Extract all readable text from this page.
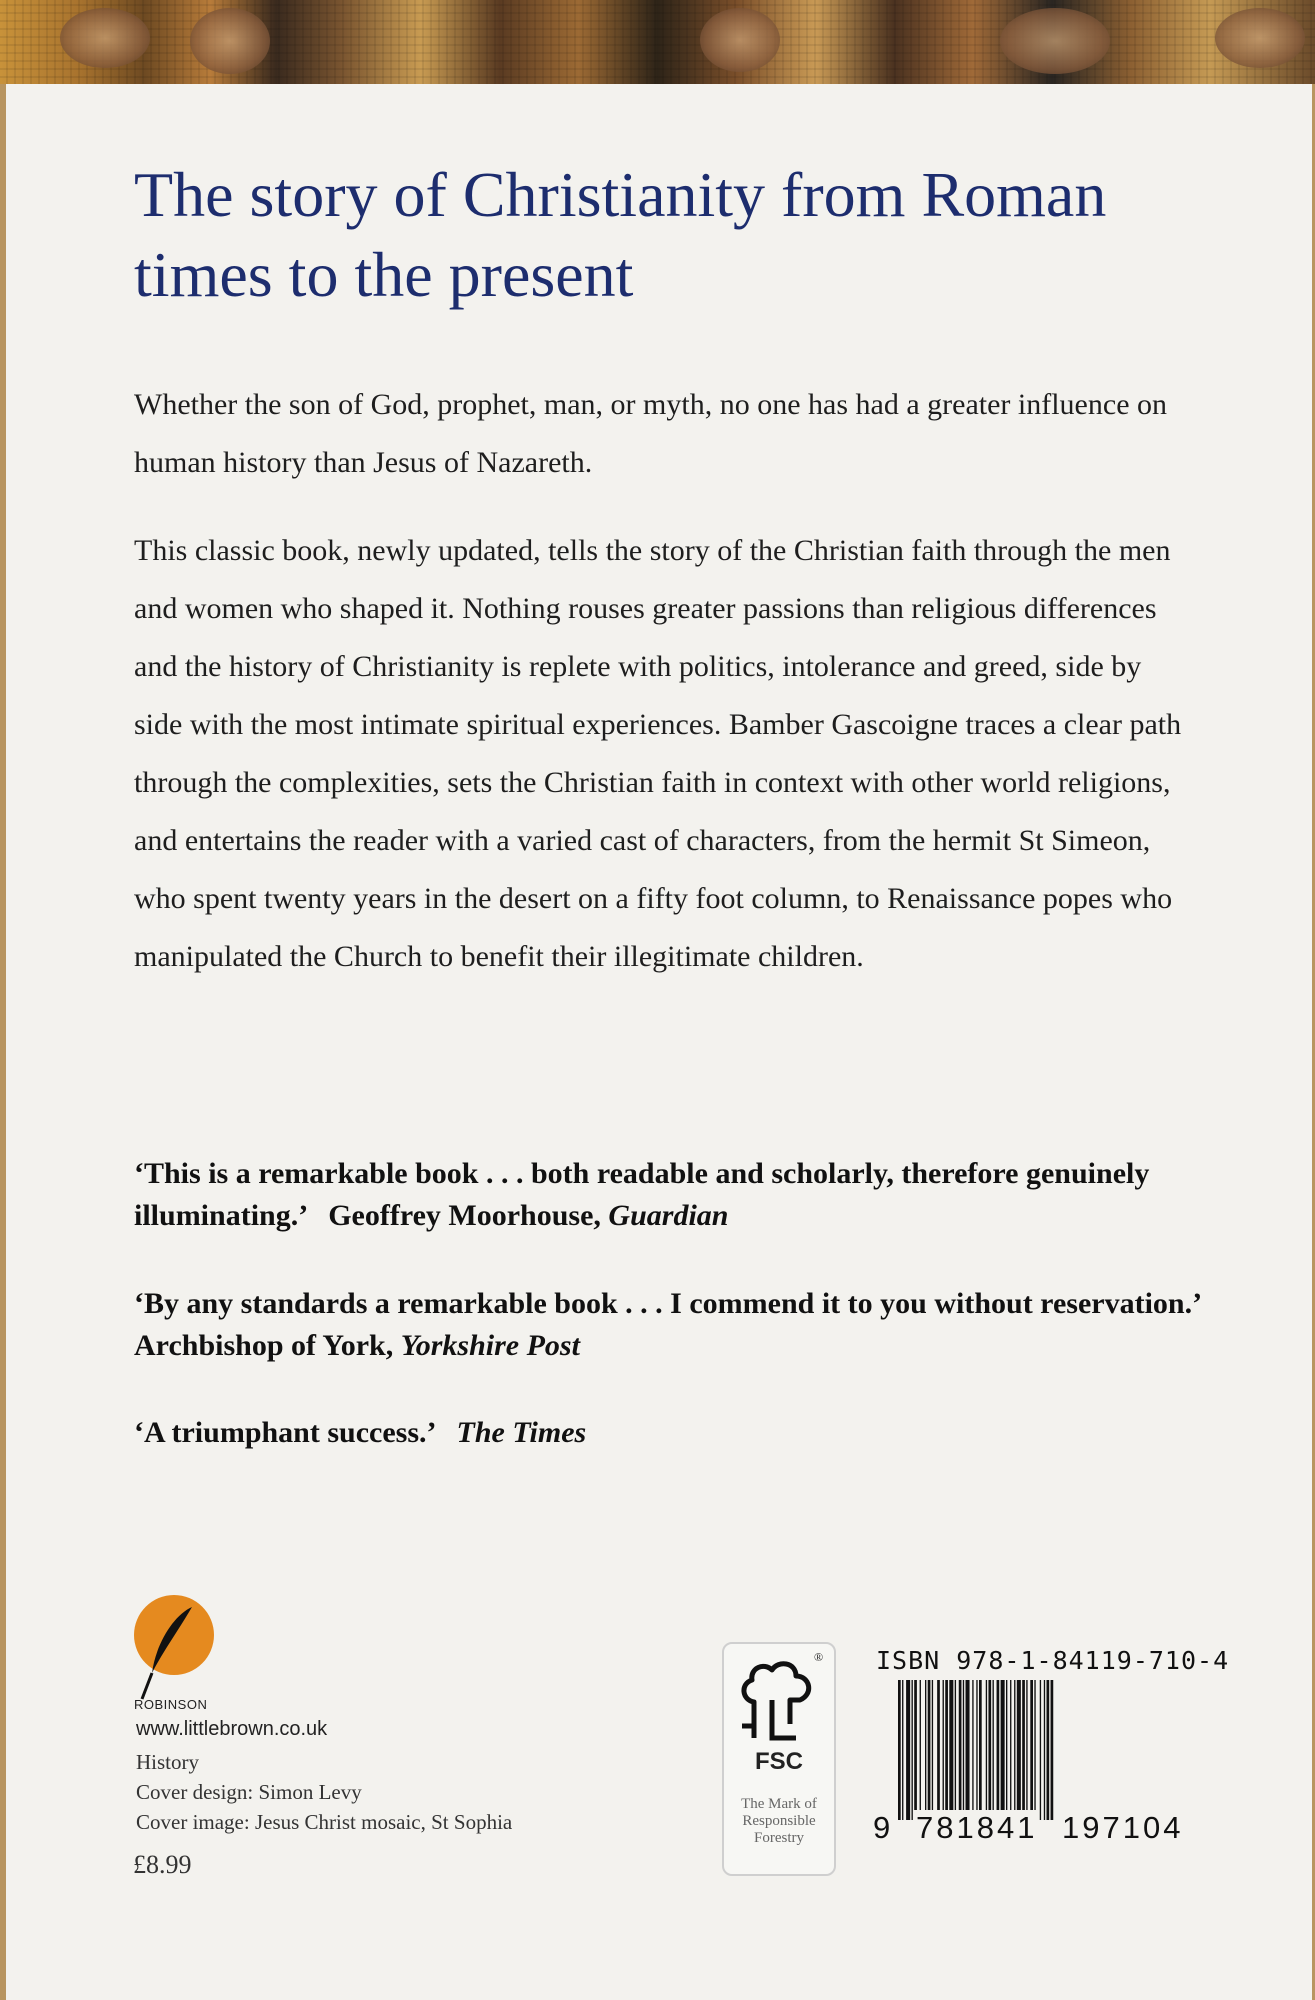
The story of Christianity from Roman times to the present

Whether the son of God, prophet, man, or myth, no one has had a greater influence on human history than Jesus of Nazareth.

This classic book, newly updated, tells the story of the Christian faith through the men and women who shaped it. Nothing rouses greater passions than religious differences and the history of Christianity is replete with politics, intolerance and greed, side by side with the most intimate spiritual experiences. Bamber Gascoigne traces a clear path through the complexities, sets the Christian faith in context with other world religions, and entertains the reader with a varied cast of characters, from the hermit St Simeon, who spent twenty years in the desert on a fifty foot column, to Renaissance popes who manipulated the Church to benefit their illegitimate children.

‘This is a remarkable book . . . both readable and scholarly, therefore genuinely illuminating.’ Geoffrey Moorhouse, Guardian

‘By any standards a remarkable book . . . I commend it to you without reservation.’Archbishop of York, Yorkshire Post

‘A triumphant success.’ The Times

ROBINSON
www.littlebrown.co.uk
History
Cover design: Simon Levy
Cover image: Jesus Christ mosaic, St Sophia
£8.99
®
FSC
The Mark of
Responsible
Forestry
ISBN 978-1-84119-710-4
9 781841 197104
